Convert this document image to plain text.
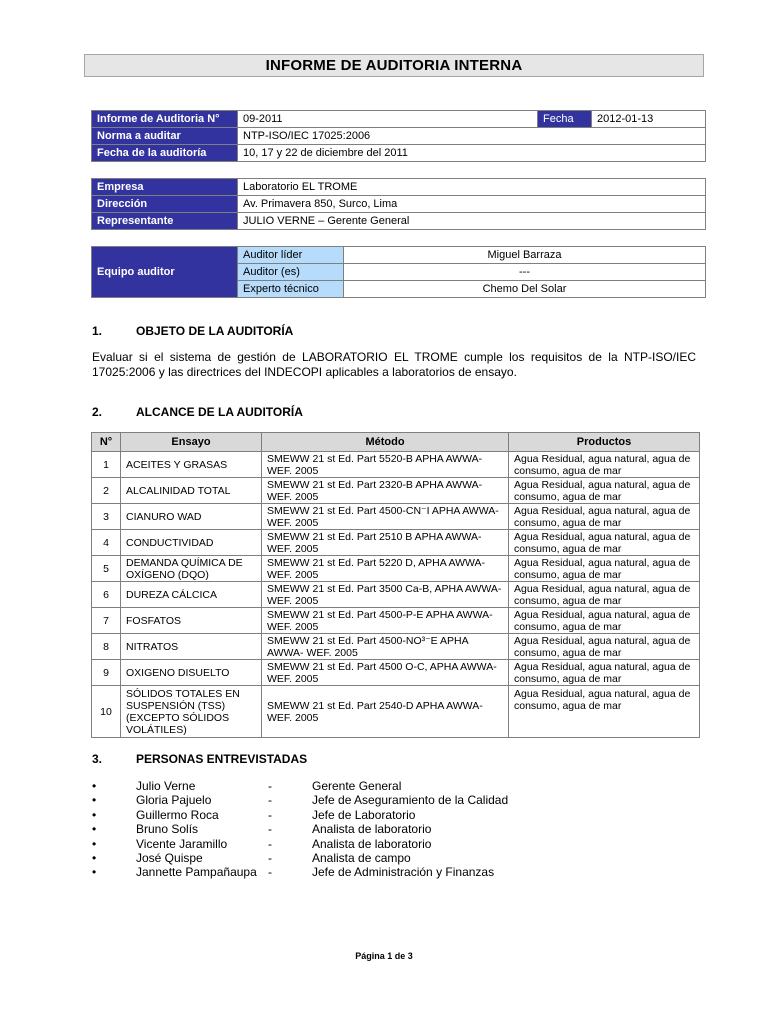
INFORME DE AUDITORIA INTERNA
Informe de Auditoria N°	09-2011	Fecha	2012-01-13
Norma a auditar	NTP-ISO/IEC 17025:2006		
Fecha de la auditoría	10, 17 y 22 de diciembre del 2011		
Empresa	Laboratorio EL TROME
Dirección	Av. Primavera 850, Surco, Lima
Representante	JULIO VERNE – Gerente General
Equipo auditor	Auditor líder	Miguel Barraza
	Auditor (es)	---
	Experto técnico	Chemo Del Solar
1.	OBJETO DE LA AUDITORÍA
Evaluar si el sistema de gestión de LABORATORIO EL TROME cumple los requisitos de la NTP-ISO/IEC 17025:2006 y las directrices del INDECOPI aplicables a laboratorios de ensayo.
2.	ALCANCE DE LA AUDITORÍA
N°	Ensayo	Método	Productos
1	ACEITES Y GRASAS	SMEWW 21 st Ed. Part 5520-B APHA AWWA-WEF. 2005	Agua Residual, agua natural, agua de consumo, agua de mar
2	ALCALINIDAD TOTAL	SMEWW 21 st Ed. Part 2320-B APHA AWWA-WEF. 2005	Agua Residual, agua natural, agua de consumo, agua de mar
3	CIANURO WAD	SMEWW 21 st Ed. Part 4500-CN⁻I APHA AWWA- WEF. 2005	Agua Residual, agua natural, agua de consumo, agua de mar
4	CONDUCTIVIDAD	SMEWW 21 st Ed. Part 2510 B APHA AWWA-WEF. 2005	Agua Residual, agua natural, agua de consumo, agua de mar
5	DEMANDA QUÍMICA DE OXÍGENO (DQO)	SMEWW 21 st Ed. Part 5220 D, APHA AWWA- WEF. 2005	Agua Residual, agua natural, agua de consumo, agua de mar
6	DUREZA CÁLCICA	SMEWW 21 st Ed. Part 3500 Ca-B, APHA AWWA- WEF. 2005	Agua Residual, agua natural, agua de consumo, agua de mar
7	FOSFATOS	SMEWW 21 st Ed. Part 4500-P-E APHA AWWA- WEF. 2005	Agua Residual, agua natural, agua de consumo, agua de mar
8	NITRATOS	SMEWW 21 st Ed. Part 4500-NO³⁻E APHA AWWA- WEF. 2005	Agua Residual, agua natural, agua de consumo, agua de mar
9	OXIGENO DISUELTO	SMEWW 21 st Ed. Part 4500 O-C, APHA AWWA- WEF. 2005	Agua Residual, agua natural, agua de consumo, agua de mar
10	SÓLIDOS TOTALES EN SUSPENSIÓN (TSS) (EXCEPTO SÓLIDOS VOLÁTILES)	SMEWW 21 st Ed. Part 2540-D APHA AWWA-WEF. 2005	Agua Residual, agua natural, agua de consumo, agua de mar
3.	PERSONAS ENTREVISTADAS
•	Julio Verne	-	Gerente General
•	Gloria Pajuelo	-	Jefe de Aseguramiento de la Calidad
•	Guillermo Roca	-	Jefe de Laboratorio
•	Bruno Solís	-	Analista de laboratorio
•	Vicente Jaramillo	-	Analista de laboratorio
•	José Quispe	-	Analista de campo
•	Jannette Pampañaupa -	Jefe de Administración y Finanzas
Página 1 de 3
